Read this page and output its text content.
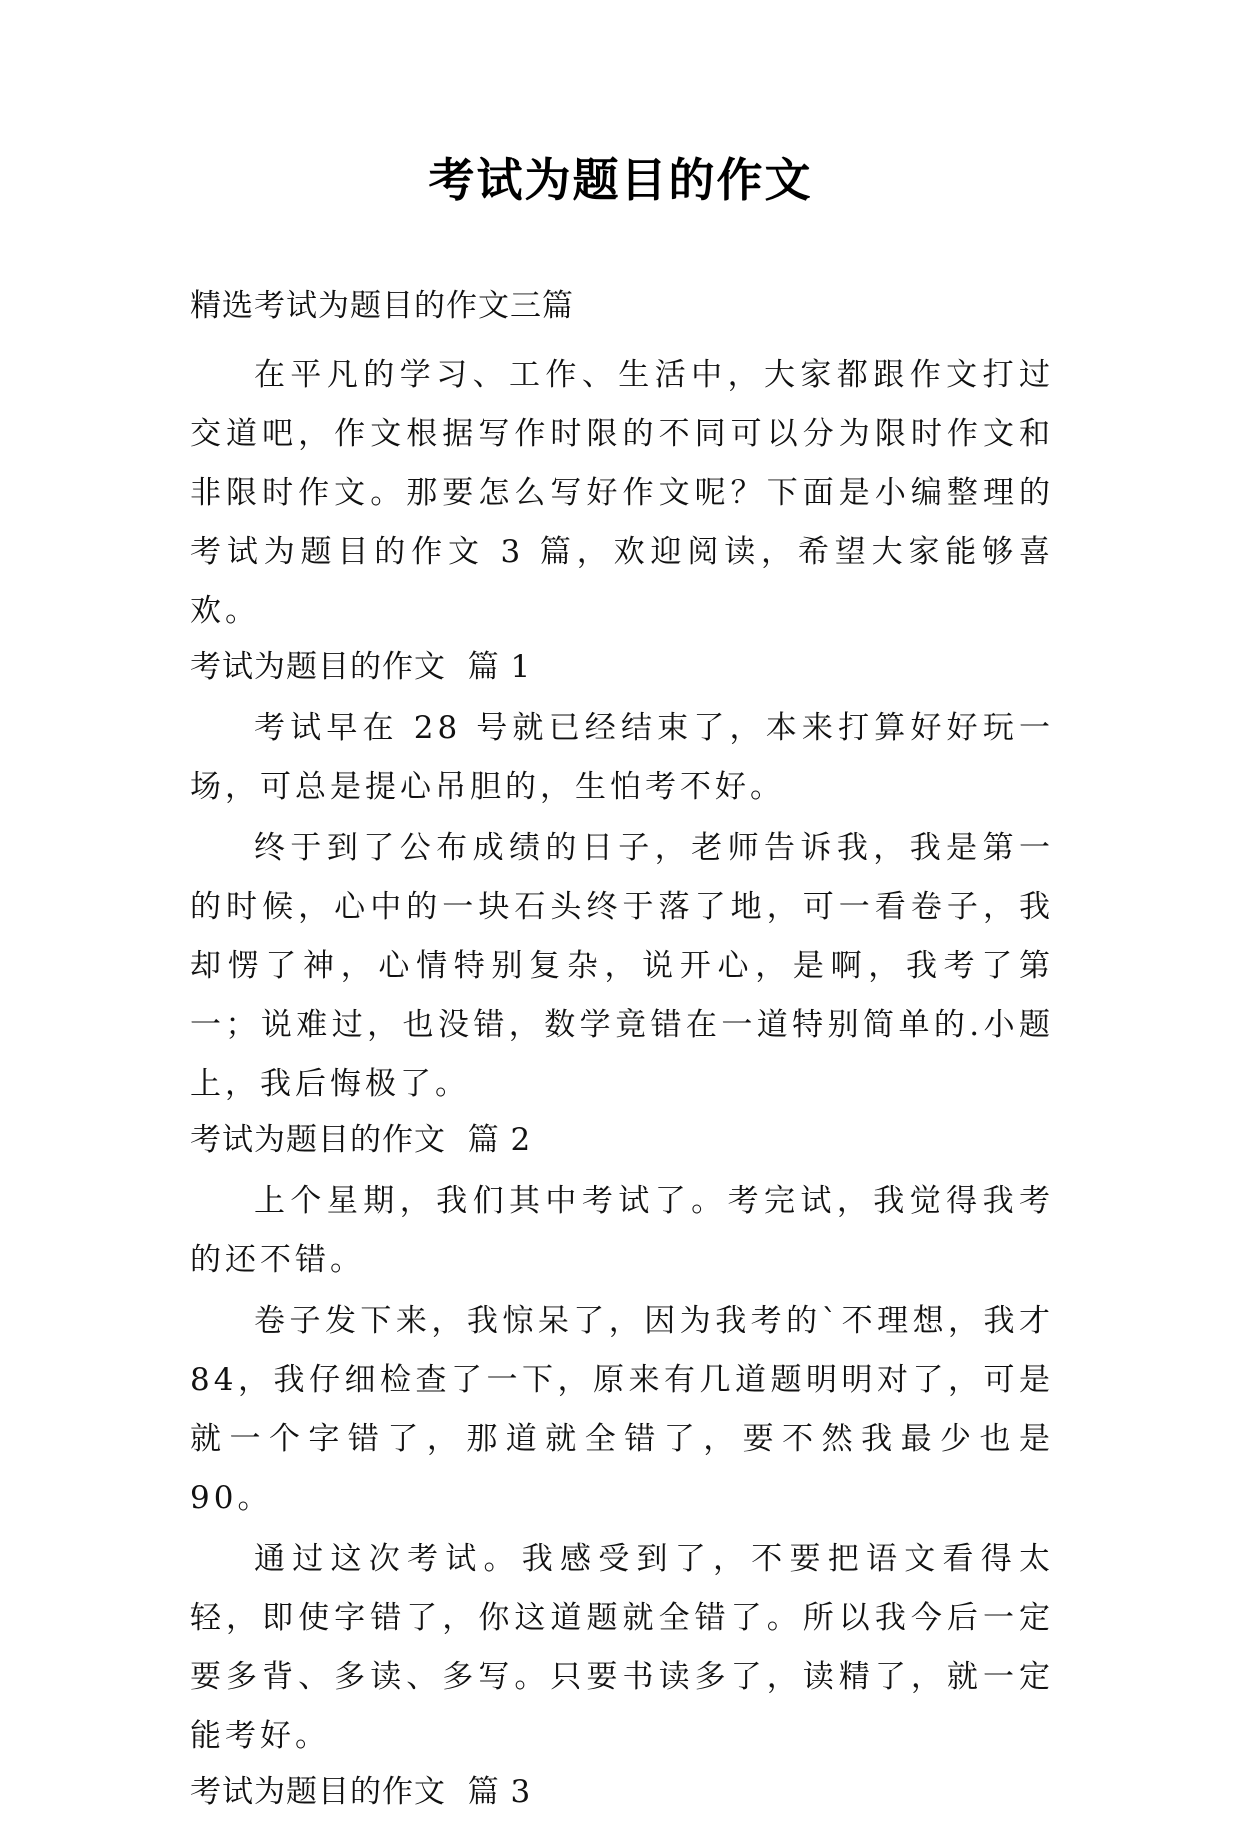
考试为题目的作文

精选考试为题目的作文三篇

在平凡的学习、工作、生活中，大家都跟作文打过交道吧，作文根据写作时限的不同可以分为限时作文和非限时作文。那要怎么写好作文呢？下面是小编整理的考试为题目的作文 3 篇，欢迎阅读，希望大家能够喜欢。

考试为题目的作文  篇 1

考试早在 28 号就已经结束了，本来打算好好玩一场，可总是提心吊胆的，生怕考不好。

终于到了公布成绩的日子，老师告诉我，我是第一的时候，心中的一块石头终于落了地，可一看卷子，我却愣了神，心情特别复杂，说开心，是啊，我考了第一；说难过，也没错，数学竟错在一道特别简单的.小题上，我后悔极了。

考试为题目的作文  篇 2

上个星期，我们其中考试了。考完试，我觉得我考的还不错。

卷子发下来，我惊呆了，因为我考的`不理想，我才 84，我仔细检查了一下，原来有几道题明明对了，可是就一个字错了，那道就全错了，要不然我最少也是 90。

通过这次考试。我感受到了，不要把语文看得太轻，即使字错了，你这道题就全错了。所以我今后一定要多背、多读、多写。只要书读多了，读精了，就一定能考好。

考试为题目的作文  篇 3
